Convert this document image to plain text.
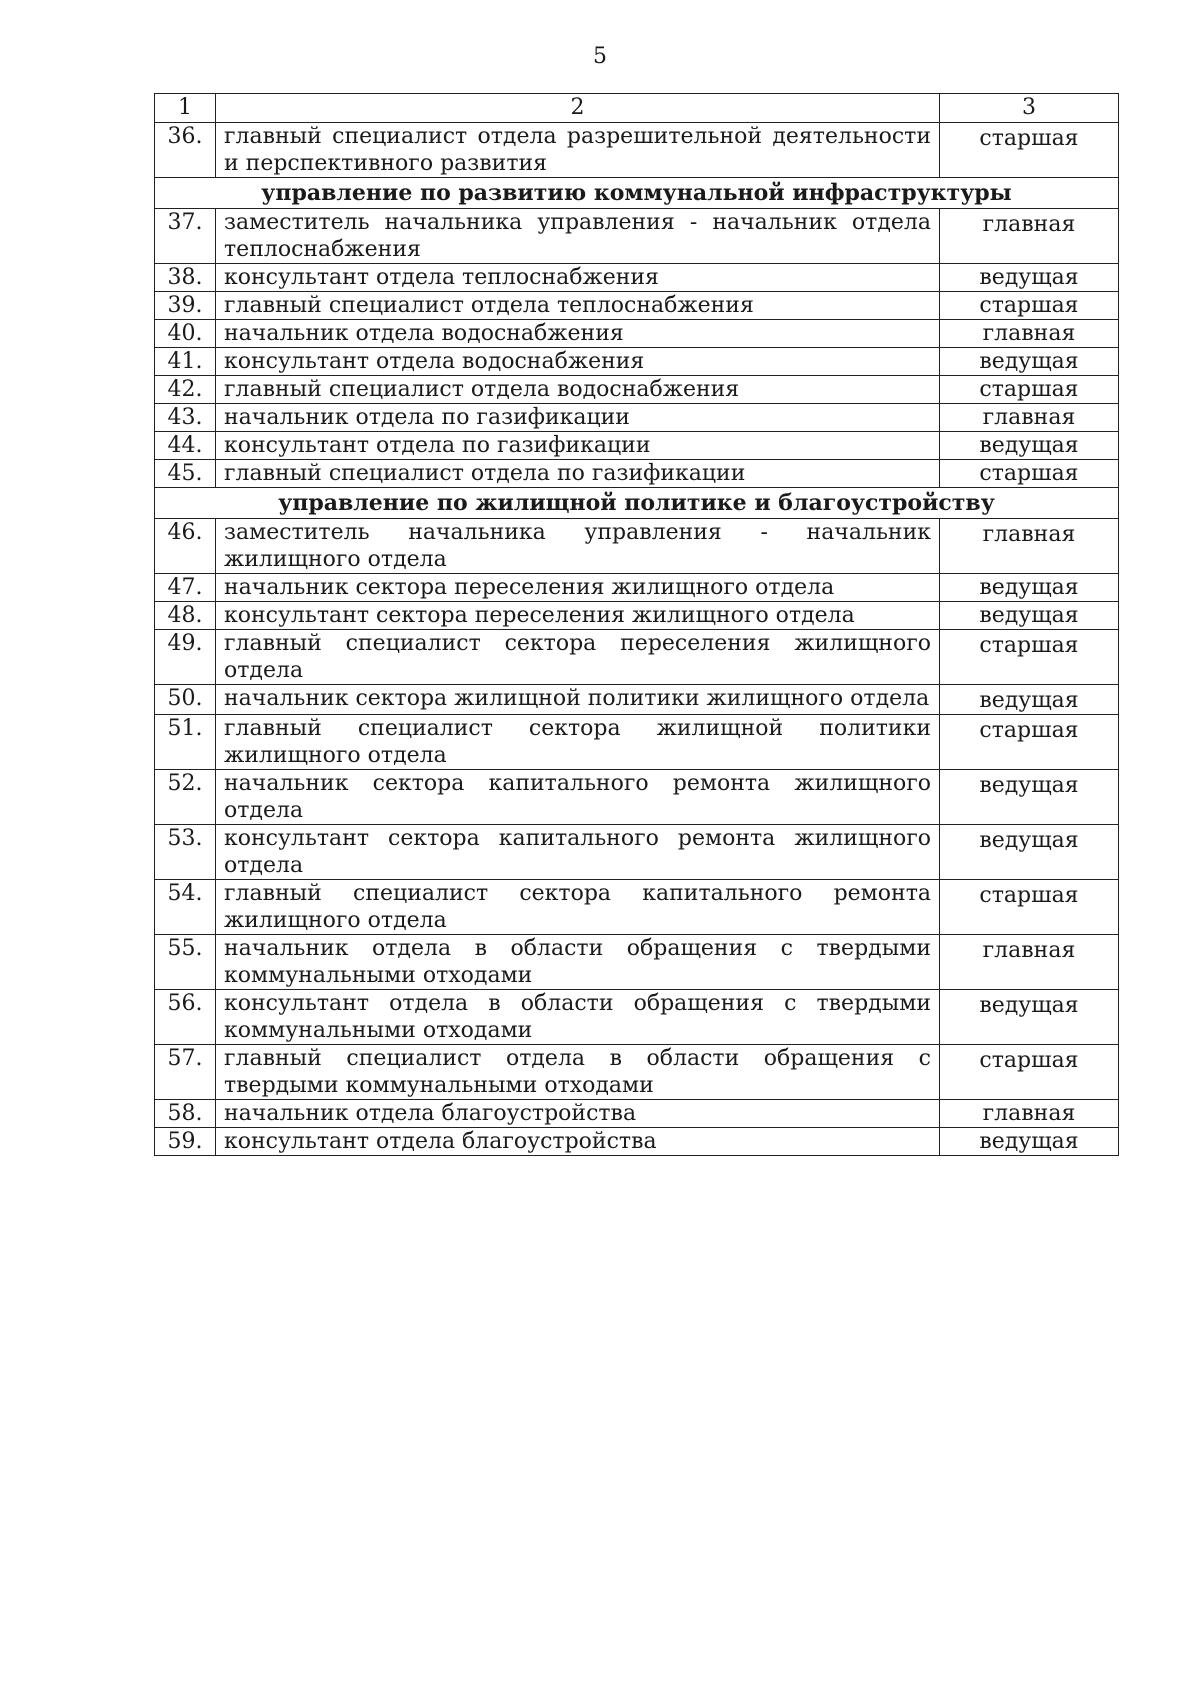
5
1	2	3
36.	главный специалист отдела разрешительной деятельности и перспективного развития	старшая
управление по развитию коммунальной инфраструктуры		
37.	заместитель начальника управления - начальник отдела теплоснабжения	главная
38.	консультант отдела теплоснабжения	ведущая
39.	главный специалист отдела теплоснабжения	старшая
40.	начальник отдела водоснабжения	главная
41.	консультант отдела водоснабжения	ведущая
42.	главный специалист отдела водоснабжения	старшая
43.	начальник отдела по газификации	главная
44.	консультант отдела по газификации	ведущая
45.	главный специалист отдела по газификации	старшая
управление по жилищной политике и благоустройству		
46.	заместитель начальника управления - начальник жилищного отдела	главная
47.	начальник сектора переселения жилищного отдела	ведущая
48.	консультант сектора переселения жилищного отдела	ведущая
49.	главный специалист сектора переселения жилищного отдела	старшая
50.	начальник сектора жилищной политики жилищного отдела	ведущая
51.	главный специалист сектора жилищной политики жилищного отдела	старшая
52.	начальник сектора капитального ремонта жилищного отдела	ведущая
53.	консультант сектора капитального ремонта жилищного отдела	ведущая
54.	главный специалист сектора капитального ремонта жилищного отдела	старшая
55.	начальник отдела в области обращения с твердыми коммунальными отходами	главная
56.	консультант отдела в области обращения с твердыми коммунальными отходами	ведущая
57.	главный специалист отдела в области обращения с твердыми коммунальными отходами	старшая
58.	начальник отдела благоустройства	главная
59.	консультант отдела благоустройства	ведущая
